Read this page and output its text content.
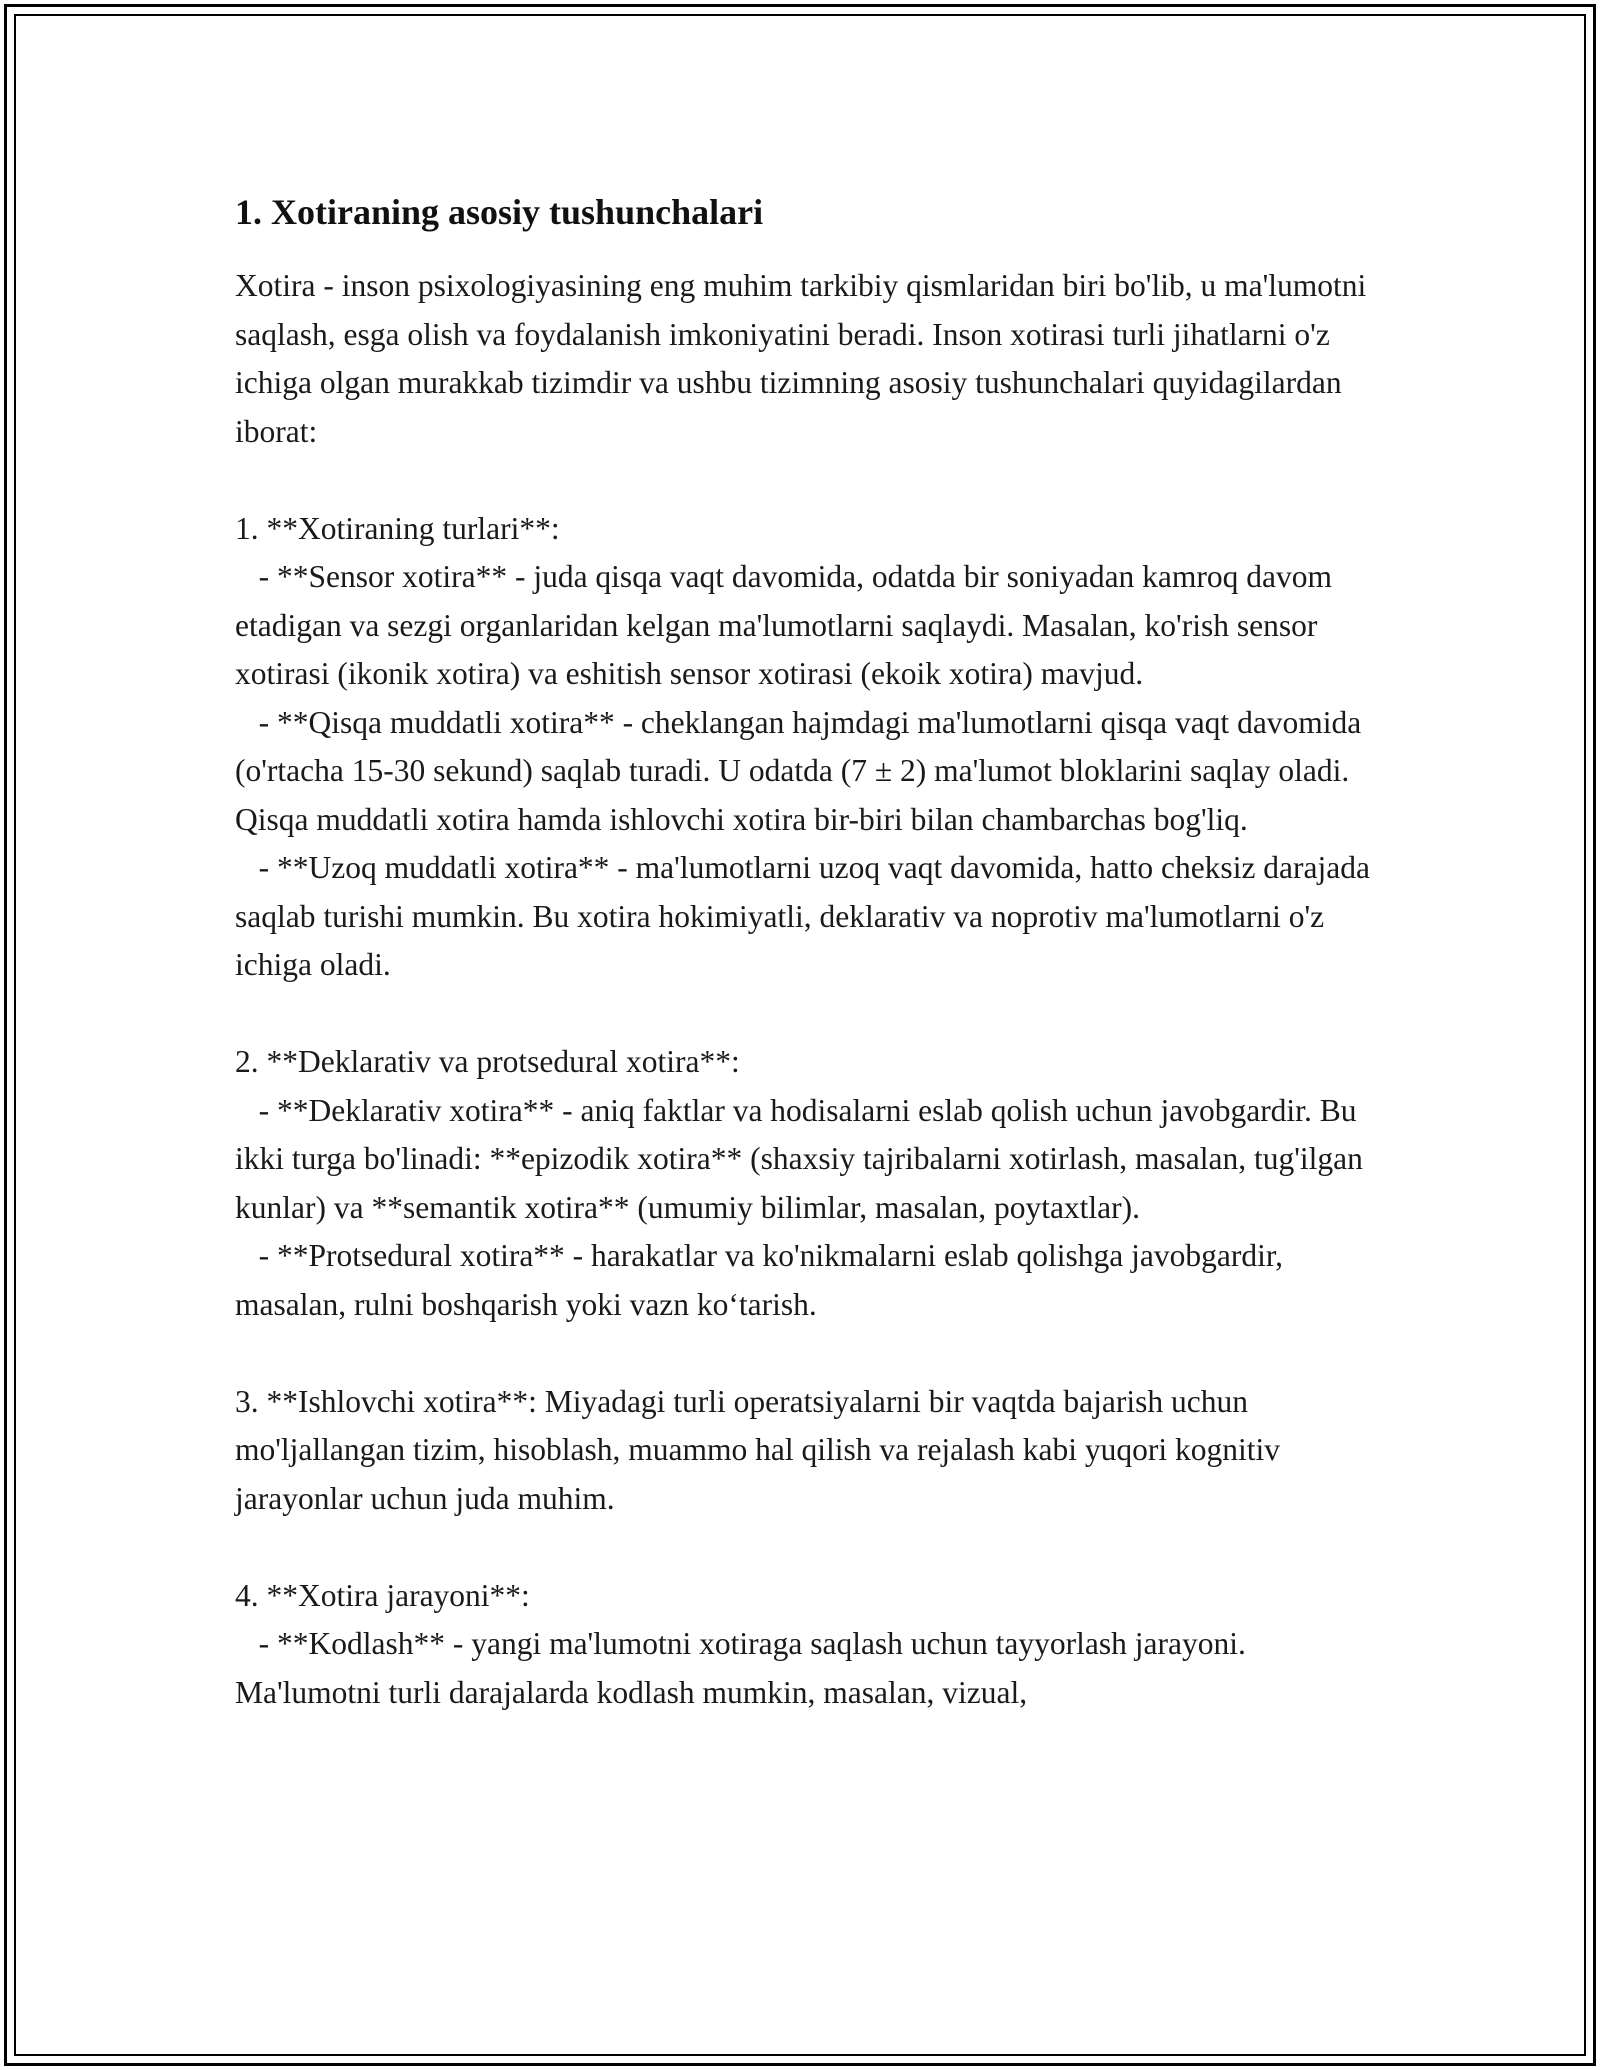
1. Xotiraning asosiy tushunchalari

Xotira - inson psixologiyasining eng muhim tarkibiy qismlaridan biri bo'lib, u ma'lumotni saqlash, esga olish va foydalanish imkoniyatini beradi. Inson xotirasi turli jihatlarni o'z ichiga olgan murakkab tizimdir va ushbu tizimning asosiy tushunchalari quyidagilardan iborat:

1. **Xotiraning turlari**:

- **Sensor xotira** - juda qisqa vaqt davomida, odatda bir soniyadan kamroq davom etadigan va sezgi organlaridan kelgan ma'lumotlarni saqlaydi. Masalan, ko'rish sensor xotirasi (ikonik xotira) va eshitish sensor xotirasi (ekoik xotira) mavjud.

- **Qisqa muddatli xotira** - cheklangan hajmdagi ma'lumotlarni qisqa vaqt davomida (o'rtacha 15-30 sekund) saqlab turadi. U odatda (7 ± 2) ma'lumot bloklarini saqlay oladi. Qisqa muddatli xotira hamda ishlovchi xotira bir-biri bilan chambarchas bog'liq.

- **Uzoq muddatli xotira** - ma'lumotlarni uzoq vaqt davomida, hatto cheksiz darajada saqlab turishi mumkin. Bu xotira hokimiyatli, deklarativ va noprotiv ma'lumotlarni o'z ichiga oladi.

2. **Deklarativ va protsedural xotira**:

- **Deklarativ xotira** - aniq faktlar va hodisalarni eslab qolish uchun javobgardir. Bu ikki turga bo'linadi: **epizodik xotira** (shaxsiy tajribalarni xotirlash, masalan, tug'ilgan kunlar) va **semantik xotira** (umumiy bilimlar, masalan, poytaxtlar).

- **Protsedural xotira** - harakatlar va ko'nikmalarni eslab qolishga javobgardir, masalan, rulni boshqarish yoki vazn ko‘tarish.

3. **Ishlovchi xotira**: Miyadagi turli operatsiyalarni bir vaqtda bajarish uchun mo'ljallangan tizim, hisoblash, muammo hal qilish va rejalash kabi yuqori kognitiv jarayonlar uchun juda muhim.

4. **Xotira jarayoni**:

- **Kodlash** - yangi ma'lumotni xotiraga saqlash uchun tayyorlash jarayoni. Ma'lumotni turli darajalarda kodlash mumkin, masalan, vizual,
